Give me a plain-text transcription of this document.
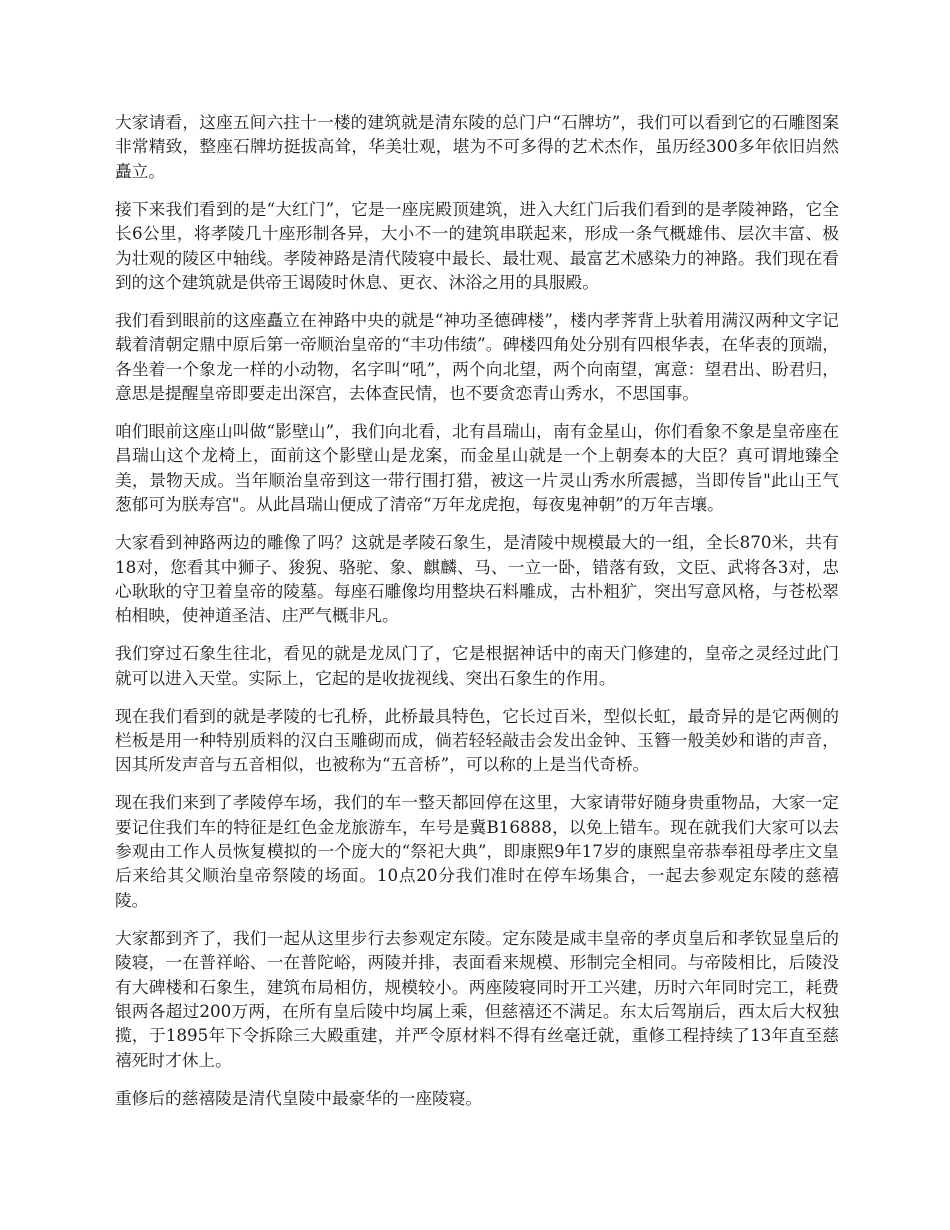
大家请看，这座五间六拄十一楼的建筑就是清东陵的总门户“石牌坊”，我们可以看到它的石雕图案非常精致，整座石牌坊挺拔高耸，华美壮观，堪为不可多得的艺术杰作，虽历经300多年依旧岿然矗立。

接下来我们看到的是“大红门”，它是一座庑殿顶建筑，进入大红门后我们看到的是孝陵神路，它全长6公里，将孝陵几十座形制各异，大小不一的建筑串联起来，形成一条气概雄伟、层次丰富、极为壮观的陵区中轴线。孝陵神路是清代陵寝中最长、最壮观、最富艺术感染力的神路。我们现在看到的这个建筑就是供帝王谒陵时休息、更衣、沐浴之用的具服殿。

我们看到眼前的这座矗立在神路中央的就是“神功圣德碑楼”，楼内孝荠背上驮着用满汉两种文字记载着清朝定鼎中原后第一帝顺治皇帝的“丰功伟绩”。碑楼四角处分别有四根华表，在华表的顶端，各坐着一个象龙一样的小动物，名字叫“吼”，两个向北望，两个向南望，寓意：望君出、盼君归，意思是提醒皇帝即要走出深宫，去体查民情，也不要贪恋青山秀水，不思国事。

咱们眼前这座山叫做“影壁山”，我们向北看，北有昌瑞山，南有金星山，你们看象不象是皇帝座在昌瑞山这个龙椅上，面前这个影壁山是龙案，而金星山就是一个上朝奏本的大臣？真可谓地臻全美，景物天成。当年顺治皇帝到这一带行围打猎，被这一片灵山秀水所震撼，当即传旨"此山王气葱郁可为朕寿宫"。从此昌瑞山便成了清帝“万年龙虎抱，每夜鬼神朝”的万年吉壤。

大家看到神路两边的雕像了吗？这就是孝陵石象生，是清陵中规模最大的一组，全长870米，共有18对，您看其中狮子、狻猊、骆驼、象、麒麟、马、一立一卧，错落有致，文臣、武将各3对，忠心耿耿的守卫着皇帝的陵墓。每座石雕像均用整块石料雕成，古朴粗犷，突出写意风格，与苍松翠柏相映，使神道圣洁、庄严气概非凡。

我们穿过石象生往北，看见的就是龙凤门了，它是根据神话中的南天门修建的，皇帝之灵经过此门就可以进入天堂。实际上，它起的是收拢视线、突出石象生的作用。

现在我们看到的就是孝陵的七孔桥，此桥最具特色，它长过百米，型似长虹，最奇异的是它两侧的栏板是用一种特别质料的汉白玉雕砌而成，倘若轻轻敲击会发出金钟、玉簪一般美妙和谐的声音，因其所发声音与五音相似，也被称为“五音桥”，可以称的上是当代奇桥。

现在我们来到了孝陵停车场，我们的车一整天都回停在这里，大家请带好随身贵重物品，大家一定要记住我们车的特征是红色金龙旅游车，车号是冀B16888，以免上错车。现在就我们大家可以去参观由工作人员恢复模拟的一个庞大的“祭祀大典”，即康熙9年17岁的康熙皇帝恭奉祖母孝庄文皇后来给其父顺治皇帝祭陵的场面。10点20分我们准时在停车场集合，一起去参观定东陵的慈禧陵。

大家都到齐了，我们一起从这里步行去参观定东陵。定东陵是咸丰皇帝的孝贞皇后和孝钦显皇后的陵寝，一在普祥峪、一在普陀峪，两陵并排，表面看来规模、形制完全相同。与帝陵相比，后陵没有大碑楼和石象生，建筑布局相仿，规模较小。两座陵寝同时开工兴建，历时六年同时完工，耗费银两各超过200万两，在所有皇后陵中均属上乘，但慈禧还不满足。东太后驾崩后，西太后大权独揽，于1895年下令拆除三大殿重建，并严令原材料不得有丝毫迁就，重修工程持续了13年直至慈禧死时才休上。

重修后的慈禧陵是清代皇陵中最豪华的一座陵寝。
